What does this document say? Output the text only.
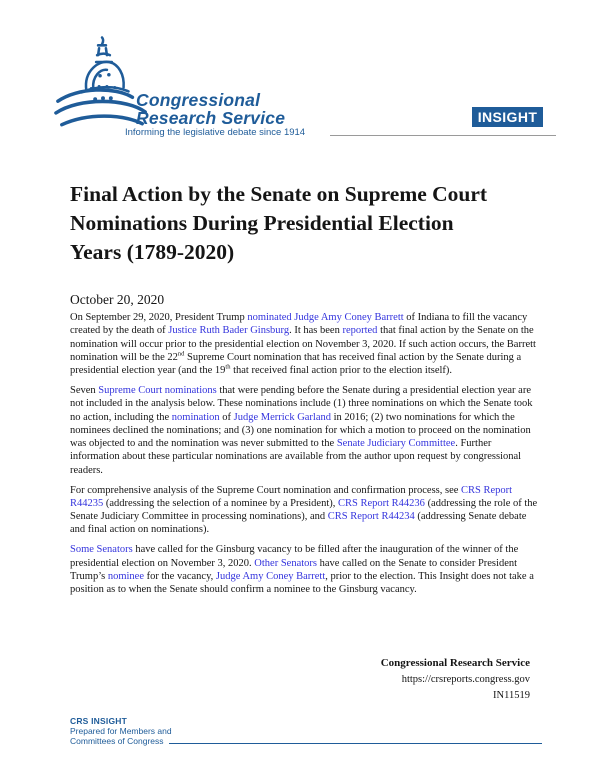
Congressional
Research Service
Informing the legislative debate since 1914
INSIGHT
Final Action by the Senate on Supreme Court
Nominations During Presidential Election
Years (1789-2020)
October 20, 2020

On September 29, 2020, President Trump nominated Judge Amy Coney Barrett of Indiana to fill the vacancy created by the death of Justice Ruth Bader Ginsburg. It has been reported that final action by the Senate on the nomination will occur prior to the presidential election on November 3, 2020. If such action occurs, the Barrett nomination will be the 22nd Supreme Court nomination that has received final action by the Senate during a presidential election year (and the 19th that received final action prior to the election itself).

Seven Supreme Court nominations that were pending before the Senate during a presidential election year are not included in the analysis below. These nominations include (1) three nominations on which the Senate took no action, including the nomination of Judge Merrick Garland in 2016; (2) two nominations for which the nominees declined the nominations; and (3) one nomination for which a motion to proceed on the nomination was objected to and the nomination was never submitted to the Senate Judiciary Committee. Further information about these particular nominations are available from the author upon request by congressional readers.

For comprehensive analysis of the Supreme Court nomination and confirmation process, see CRS Report R44235 (addressing the selection of a nominee by a President), CRS Report R44236 (addressing the role of the Senate Judiciary Committee in processing nominations), and CRS Report R44234 (addressing Senate debate and final action on nominations).

Some Senators have called for the Ginsburg vacancy to be filled after the inauguration of the winner of the presidential election on November 3, 2020. Other Senators have called on the Senate to consider President Trump’s nominee for the vacancy, Judge Amy Coney Barrett, prior to the election. This Insight does not take a position as to when the Senate should confirm a nominee to the Ginsburg vacancy.

Congressional Research Service
https://crsreports.congress.gov
IN11519
CRS INSIGHT
Prepared for Members and
Committees of Congress
